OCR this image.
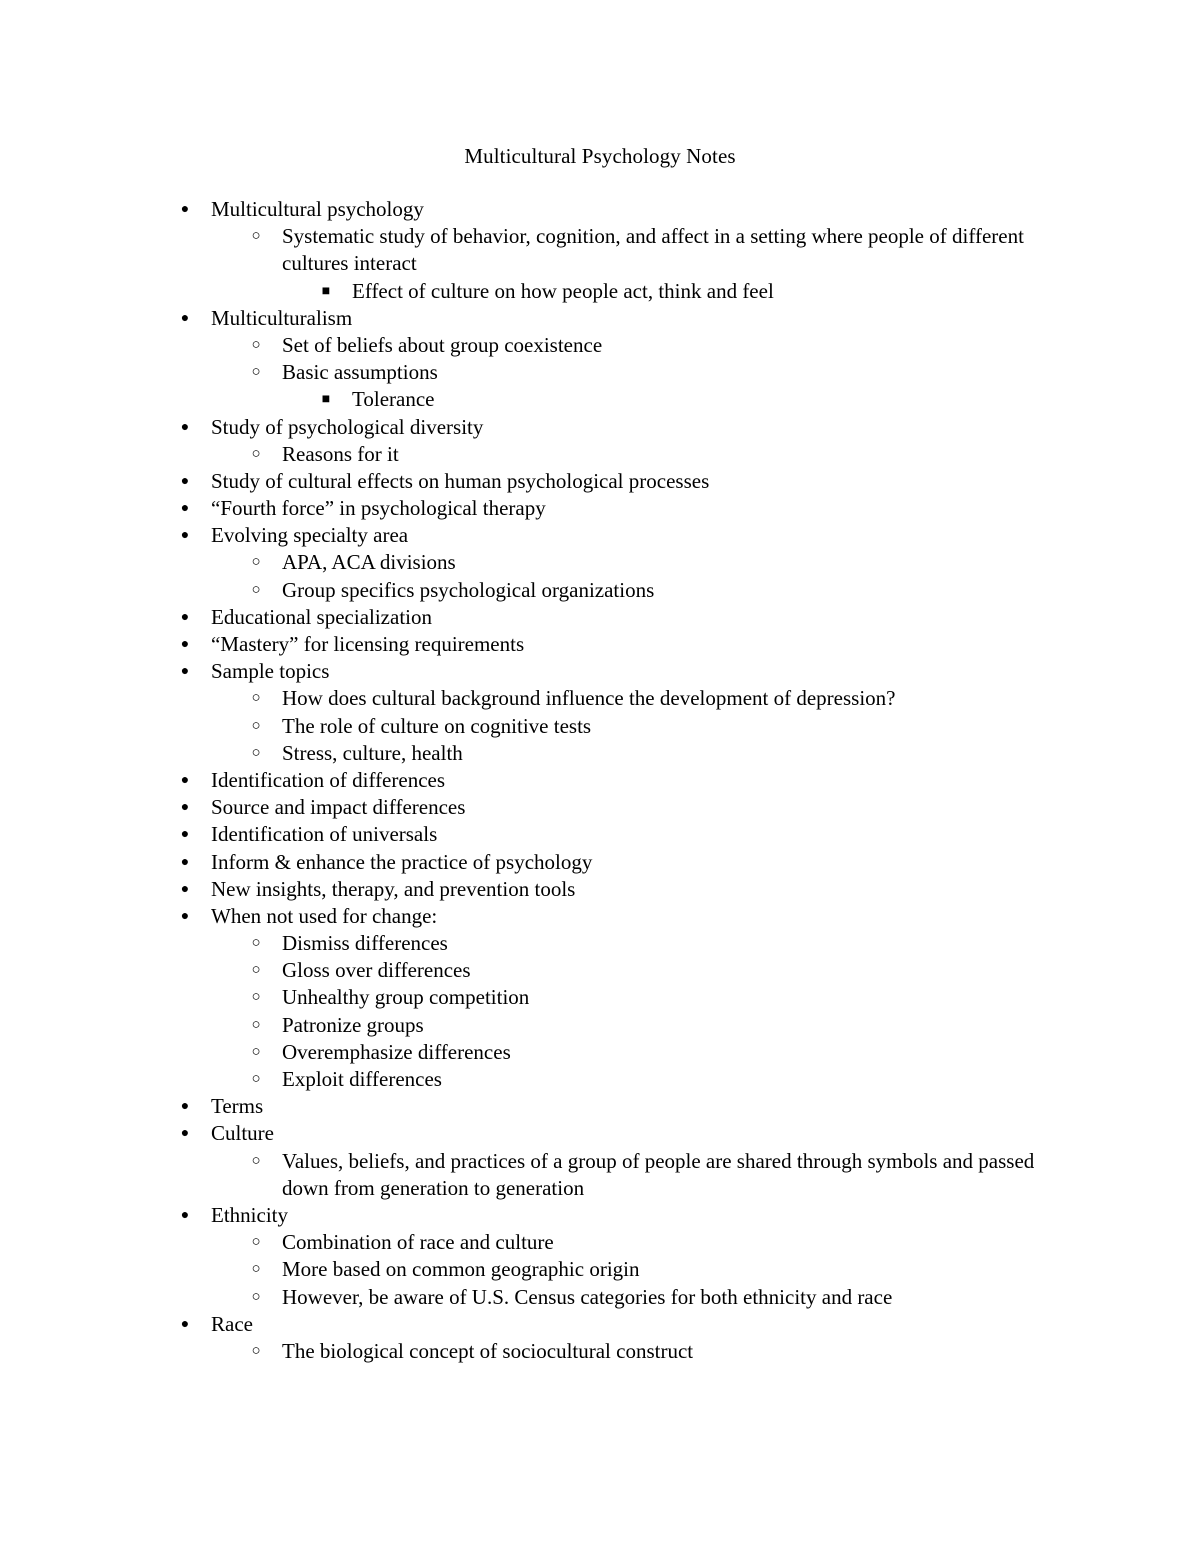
Multicultural Psychology Notes
● Multicultural psychology
○ Systematic study of behavior, cognition, and affect in a setting where people of different cultures interact
■ Effect of culture on how people act, think and feel
● Multiculturalism
○ Set of beliefs about group coexistence
○ Basic assumptions
■ Tolerance
● Study of psychological diversity
○ Reasons for it
● Study of cultural effects on human psychological processes
● “Fourth force” in psychological therapy
● Evolving specialty area
○ APA, ACA divisions
○ Group specifics psychological organizations
● Educational specialization
● “Mastery” for licensing requirements
● Sample topics
○ How does cultural background influence the development of depression?
○ The role of culture on cognitive tests
○ Stress, culture, health
● Identification of differences
● Source and impact differences
● Identification of universals
● Inform & enhance the practice of psychology
● New insights, therapy, and prevention tools
● When not used for change:
○ Dismiss differences
○ Gloss over differences
○ Unhealthy group competition
○ Patronize groups
○ Overemphasize differences
○ Exploit differences
● Terms
● Culture
○ Values, beliefs, and practices of a group of people are shared through symbols and passed down from generation to generation
● Ethnicity
○ Combination of race and culture
○ More based on common geographic origin
○ However, be aware of U.S. Census categories for both ethnicity and race
● Race
○ The biological concept of sociocultural construct
